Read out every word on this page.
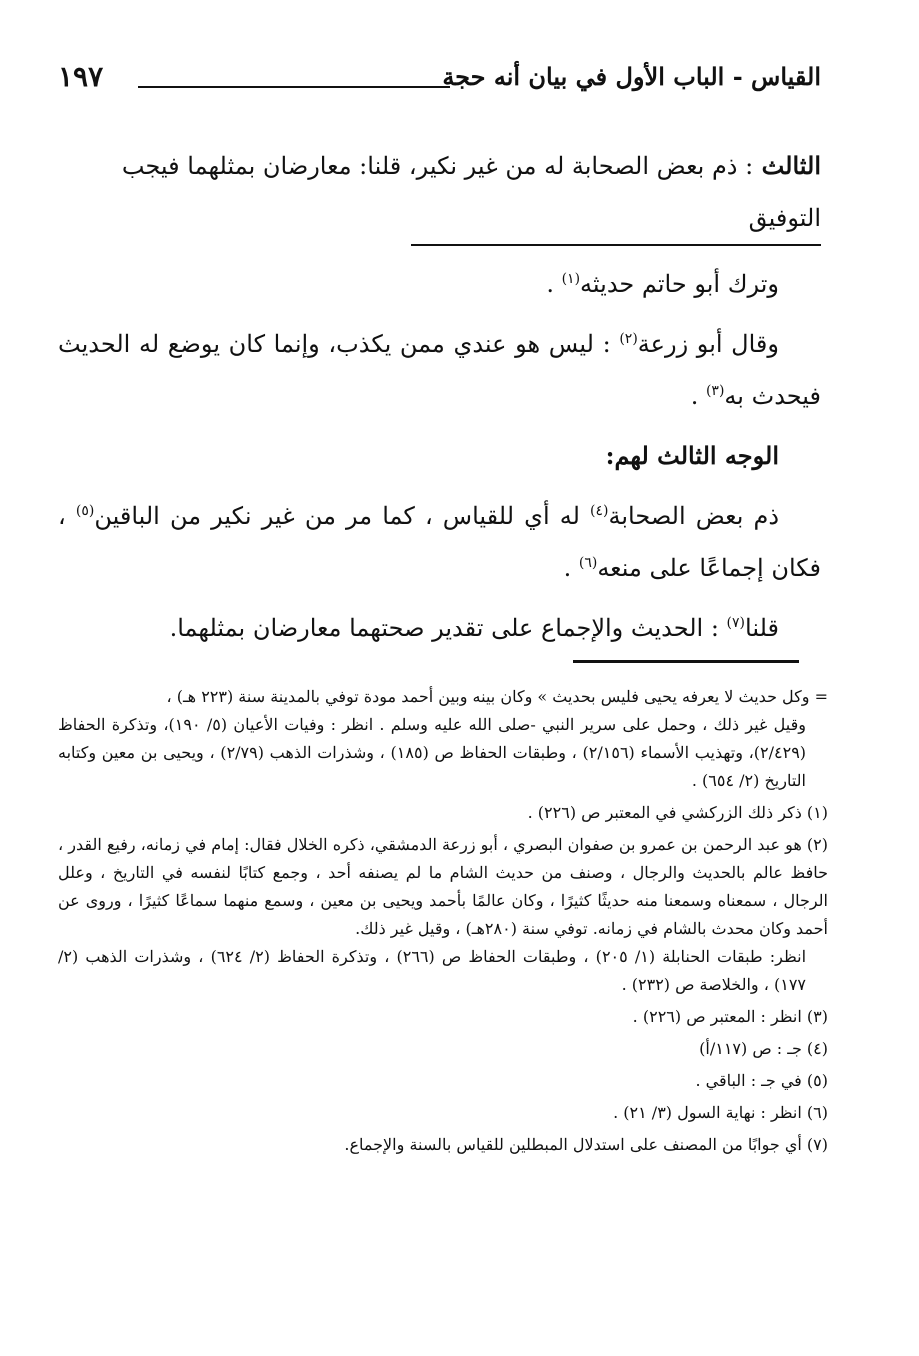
القياس - الباب الأول في بيان أنه حجة
١٩٧

الثالث : ذم بعض الصحابة له من غير نكير، قلنا: معارضان بمثلهما فيجب التوفيق

وترك أبو حاتم حديثه$^{(١)}$ .

وقال أبو زرعة$^{(٢)}$ : ليس هو عندي ممن يكذب، وإنما كان يوضع له الحديث فيحدث به$^{(٣)}$ .

الوجه الثالث لهم:

ذم بعض الصحابة$^{(٤)}$ له أي للقياس ، كما مر من غير نكير من الباقين$^{(٥)}$ ، فكان إجماعًا على منعه$^{(٦)}$ .

قلنا$^{(٧)}$ : الحديث والإجماع على تقدير صحتهما معارضان بمثلهما.

= وكل حديث لا يعرفه يحيى فليس بحديث » وكان بينه وبين أحمد مودة توفي بالمدينة سنة (٢٢٣ هـ) ،

وقيل غير ذلك ، وحمل على سرير النبي -صلى الله عليه وسلم . انظر : وفيات الأعيان (٥/ ١٩٠)، وتذكرة الحفاظ (٢/٤٢٩)، وتهذيب الأسماء (٢/١٥٦) ، وطبقات الحفاظ ص (١٨٥) ، وشذرات الذهب (٢/٧٩) ، ويحيى بن معين وكتابه التاريخ (٢/ ٦٥٤) .

(١) ذكر ذلك الزركشي في المعتبر ص (٢٢٦) .

(٢) هو عبد الرحمن بن عمرو بن صفوان البصري ، أبو زرعة الدمشقي، ذكره الخلال فقال: إمام في زمانه، رفيع القدر ، حافظ عالم بالحديث والرجال ، وصنف من حديث الشام ما لم يصنفه أحد ، وجمع كتابًا لنفسه في التاريخ ، وعلل الرجال ، سمعناه وسمعنا منه حديثًا كثيرًا ، وكان عالمًا بأحمد ويحيى بن معين ، وسمع منهما سماعًا كثيرًا ، وروى عن أحمد وكان محدث بالشام في زمانه. توفي سنة (٢٨٠هـ) ، وقيل غير ذلك.

انظر: طبقات الحنابلة (١/ ٢٠٥) ، وطبقات الحفاظ ص (٢٦٦) ، وتذكرة الحفاظ (٢/ ٦٢٤) ، وشذرات الذهب (٢/ ١٧٧) ، والخلاصة ص (٢٣٢) .

(٣) انظر : المعتبر ص (٢٢٦) .

(٤) جـ : ص (١١٧/أ)

(٥) في جـ : الباقي .

(٦) انظر : نهاية السول (٣/ ٢١) .

(٧) أي جوابًا من المصنف على استدلال المبطلين للقياس بالسنة والإجماع.
